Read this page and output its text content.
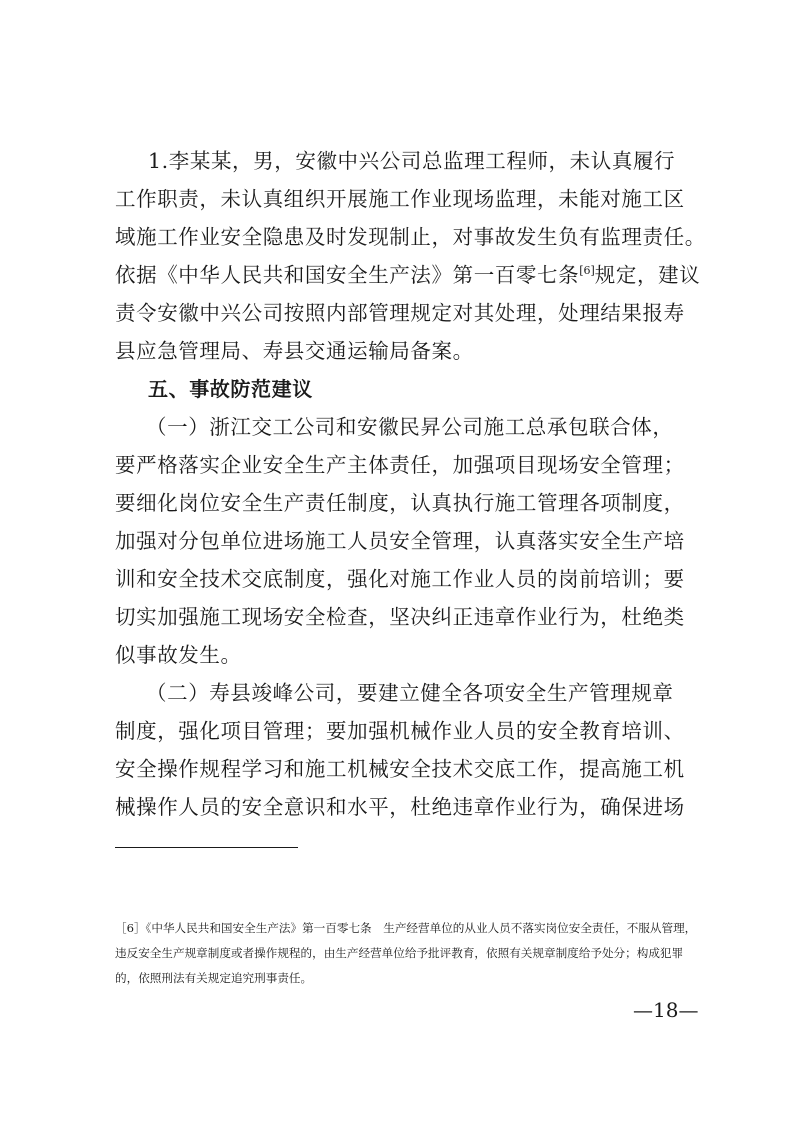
1.李某某，男，安徽中兴公司总监理工程师，未认真履行
工作职责，未认真组织开展施工作业现场监理，未能对施工区
域施工作业安全隐患及时发现制止，对事故发生负有监理责任。
依据《中华人民共和国安全生产法》第一百零七条[6]规定，建议
责令安徽中兴公司按照内部管理规定对其处理，处理结果报寿
县应急管理局、寿县交通运输局备案。
五、事故防范建议
（一）浙江交工公司和安徽民昇公司施工总承包联合体，
要严格落实企业安全生产主体责任，加强项目现场安全管理；
要细化岗位安全生产责任制度，认真执行施工管理各项制度，
加强对分包单位进场施工人员安全管理，认真落实安全生产培
训和安全技术交底制度，强化对施工作业人员的岗前培训；要
切实加强施工现场安全检查，坚决纠正违章作业行为，杜绝类
似事故发生。
（二）寿县竣峰公司，要建立健全各项安全生产管理规章
制度，强化项目管理；要加强机械作业人员的安全教育培训、
安全操作规程学习和施工机械安全技术交底工作，提高施工机
械操作人员的安全意识和水平，杜绝违章作业行为，确保进场
［6］《中华人民共和国安全生产法》第一百零七条　生产经营单位的从业人员不落实岗位安全责任，不服从管理，
违反安全生产规章制度或者操作规程的，由生产经营单位给予批评教育，依照有关规章制度给予处分；构成犯罪
的，依照刑法有关规定追究刑事责任。
—18—
